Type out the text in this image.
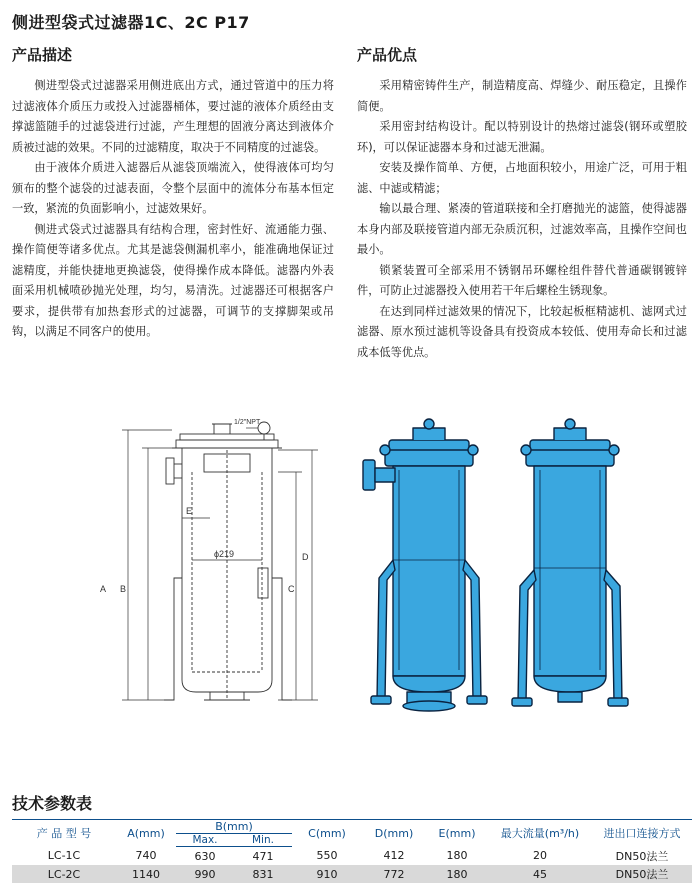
侧进型袋式过滤器1C、2C P17
产品描述	产品优点

侧进型袋式过滤器采用侧进底出方式，通过管道中的压力将过滤液体介质压力或投入过滤器桶体，要过滤的液体介质经由支撑滤篮随手的过滤袋进行过滤，产生理想的固液分离达到液体介质被过滤的效果。不同的过滤精度，取决于不同精度的过滤袋。

由于液体介质进入滤器后从滤袋顶端流入，使得液体可均匀颁布的整个滤袋的过滤表面，令整个层面中的流体分布基本恒定一致，紧流的负面影响小，过滤效果好。

侧进式袋式过滤器具有结构合理，密封性好、流通能力强、操作简便等诸多优点。尤其是滤袋侧漏机率小，能准确地保证过滤精度，并能快捷地更换滤袋，使得操作成本降低。滤器内外表面采用机械喷砂抛光处理，均匀，易清洗。过滤器还可根据客户要求，提供带有加热套形式的过滤器，可调节的支撑脚架或吊钩，以满足不同客户的使用。

采用精密铸件生产，制造精度高、焊缝少、耐压稳定，且操作简便。

采用密封结构设计。配以特别设计的热熔过滤袋(钢环或塑胶环)，可以保证滤器本身和过滤无泄漏。

安装及操作简单、方便，占地面积较小，用途广泛，可用于粗滤、中滤或精滤；

输以最合理、紧凑的管道联接和全打磨抛光的滤篮，使得滤器本身内部及联接管道内部无杂质沉积，过滤效率高，且操作空间也最小。

锁紧装置可全部采用不锈钢吊环螺栓组件替代普通碳钢镀锌件，可防止过滤器投入使用若干年后螺栓生锈现象。

在达到同样过滤效果的情况下，比较起板框精滤机、滤网式过滤器、原水预过滤机等设备具有投资成本较低、使用寿命长和过滤成本低等优点。

1/2"NPT
A B	C
D
E
ϕ219
技术参数表
产 品 型 号	A(mm)	B(mm)		C(mm)	D(mm)	E(mm)	最大流量(m³/h)	进出口连接方式
		Max.	Min.					
LC-1C	740	630	471	550	412	180	20	DN50法兰
LC-2C	1140	990	831	910	772	180	45	DN50法兰
